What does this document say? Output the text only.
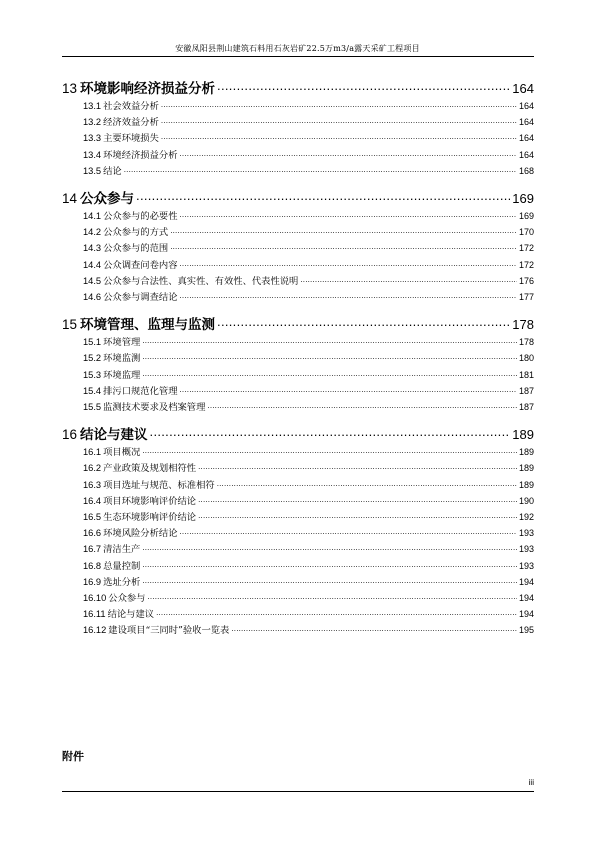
安徽凤阳县荆山建筑石料用石灰岩矿22.5万m3/a露天采矿工程项目
13 环境影响经济损益分析 .....	164
13.1 社会效益分析 .....	164
13.2 经济效益分析 .....	164
13.3 主要环境损失 .....	164
13.4 环境经济损益分析 .....	164
13.5 结论 .....	168
14 公众参与 .....	169
14.1 公众参与的必要性 .....	169
14.2 公众参与的方式 .....	170
14.3 公众参与的范围 .....	172
14.4 公众调查问卷内容 .....	172
14.5 公众参与合法性、真实性、有效性、代表性说明 .....	176
14.6 公众参与调查结论 .....	177
15 环境管理、监理与监测 .....	178
15.1 环境管理 .....	178
15.2 环境监测 .....	180
15.3 环境监理 .....	181
15.4 排污口规范化管理 .....	187
15.5 监测技术要求及档案管理 .....	187
16 结论与建议 .....	189
16.1 项目概况 .....	189
16.2 产业政策及规划相符性 .....	189
16.3 项目选址与规范、标准相符 .....	189
16.4 项目环境影响评价结论 .....	190
16.5 生态环境影响评价结论 .....	192
16.6 环境风险分析结论 .....	193
16.7 清洁生产 .....	193
16.8 总量控制 .....	193
16.9 选址分析 .....	194
16.10 公众参与 .....	194
16.11 结论与建议 .....	194
16.12 建设项目“三同时”验收一览表 .....	195
附件
iii
